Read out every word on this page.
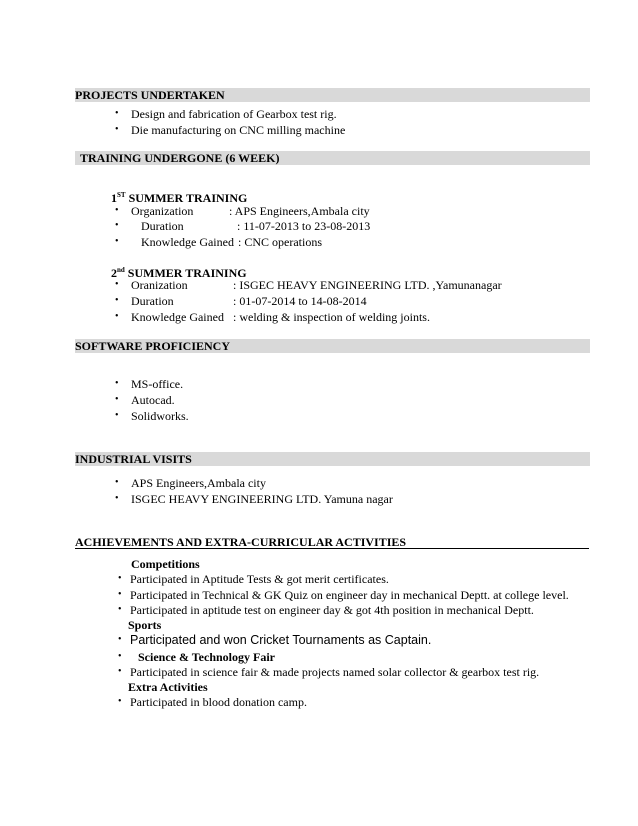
PROJECTS UNDERTAKEN
• Design and fabrication of Gearbox test rig.
• Die manufacturing on CNC milling machine
TRAINING UNDERGONE (6 WEEK)
1ST SUMMER TRAINING
• Organization	: APS Engineers,Ambala city
• Duration	: 11-07-2013 to 23-08-2013
• Knowledge Gained : CNC operations
2nd SUMMER TRAINING
• Oranization	: ISGEC HEAVY ENGINEERING LTD. ,Yamunanagar
• Duration	: 01-07-2014 to 14-08-2014
• Knowledge Gained : welding & inspection of welding joints.
SOFTWARE PROFICIENCY
• MS-office.
• Autocad.
• Solidworks.
INDUSTRIAL VISITS
• APS Engineers,Ambala city
• ISGEC HEAVY ENGINEERING LTD. Yamuna nagar
ACHIEVEMENTS AND EXTRA-CURRICULAR ACTIVITIES
Competitions
• Participated in Aptitude Tests & got merit certificates.
• Participated in Technical & GK Quiz on engineer day in mechanical Deptt. at college level.
• Participated in aptitude test on engineer day & got 4th position in mechanical Deptt.
Sports
• Participated and won Cricket Tournaments as Captain.
• Science & Technology Fair
• Participated in science fair & made projects named solar collector & gearbox test rig.
Extra Activities
• Participated in blood donation camp.
